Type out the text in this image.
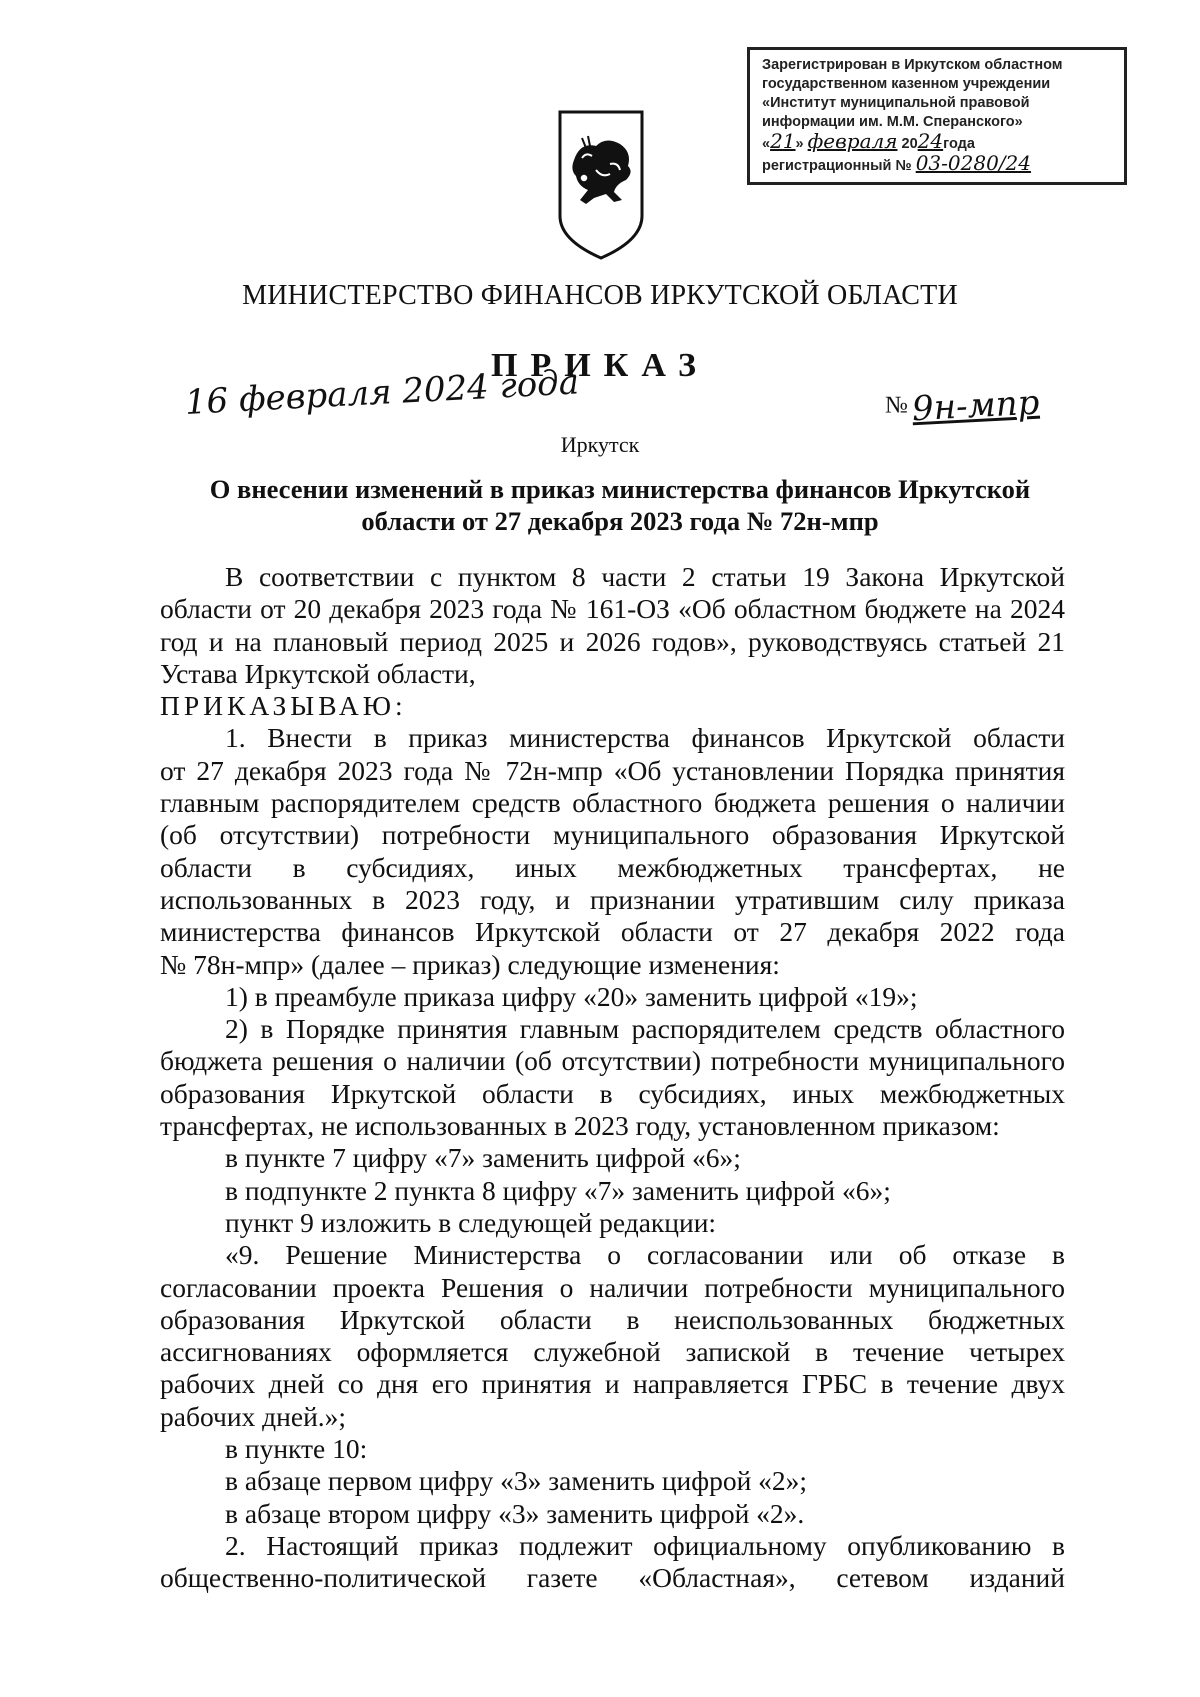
Зарегистрирован в Иркутском областном
государственном казенном учреждении
«Институт муниципальной правовой
информации им. М.М. Сперанского»
«21» февраля 2024года
регистрационный № 03-0280/24
МИНИСТЕРСТВО ФИНАНСОВ ИРКУТСКОЙ ОБЛАСТИ
ПРИКАЗ
16 февраля 2024 года	№ 9н-мпр
Иркутск
О внесении изменений в приказ министерства финансов Иркутской
области от 27 декабря 2023 года № 72н-мпр
В соответствии с пунктом 8 части 2 статьи 19 Закона Иркутской
области от 20 декабря 2023 года № 161-ОЗ «Об областном бюджете на 2024
год и на плановый период 2025 и 2026 годов», руководствуясь статьей 21
Устава Иркутской области,
ПРИКАЗЫВАЮ:
1. Внести в приказ министерства финансов Иркутской области
от 27 декабря 2023 года № 72н-мпр «Об установлении Порядка принятия
главным распорядителем средств областного бюджета решения о наличии
(об отсутствии) потребности муниципального образования Иркутской
области в субсидиях, иных межбюджетных трансфертах, не
использованных в 2023 году, и признании утратившим силу приказа
министерства финансов Иркутской области от 27 декабря 2022 года
№ 78н-мпр» (далее – приказ) следующие изменения:
1) в преамбуле приказа цифру «20» заменить цифрой «19»;
2) в Порядке принятия главным распорядителем средств областного
бюджета решения о наличии (об отсутствии) потребности муниципального
образования Иркутской области в субсидиях, иных межбюджетных
трансфертах, не использованных в 2023 году, установленном приказом:
в пункте 7 цифру «7» заменить цифрой «6»;
в подпункте 2 пункта 8 цифру «7» заменить цифрой «6»;
пункт 9 изложить в следующей редакции:
«9. Решение Министерства о согласовании или об отказе в
согласовании проекта Решения о наличии потребности муниципального
образования Иркутской области в неиспользованных бюджетных
ассигнованиях оформляется служебной запиской в течение четырех
рабочих дней со дня его принятия и направляется ГРБС в течение двух
рабочих дней.»;
в пункте 10:
в абзаце первом цифру «3» заменить цифрой «2»;
в абзаце втором цифру «3» заменить цифрой «2».
2. Настоящий приказ подлежит официальному опубликованию в
общественно-политической газете «Областная», сетевом изданий
